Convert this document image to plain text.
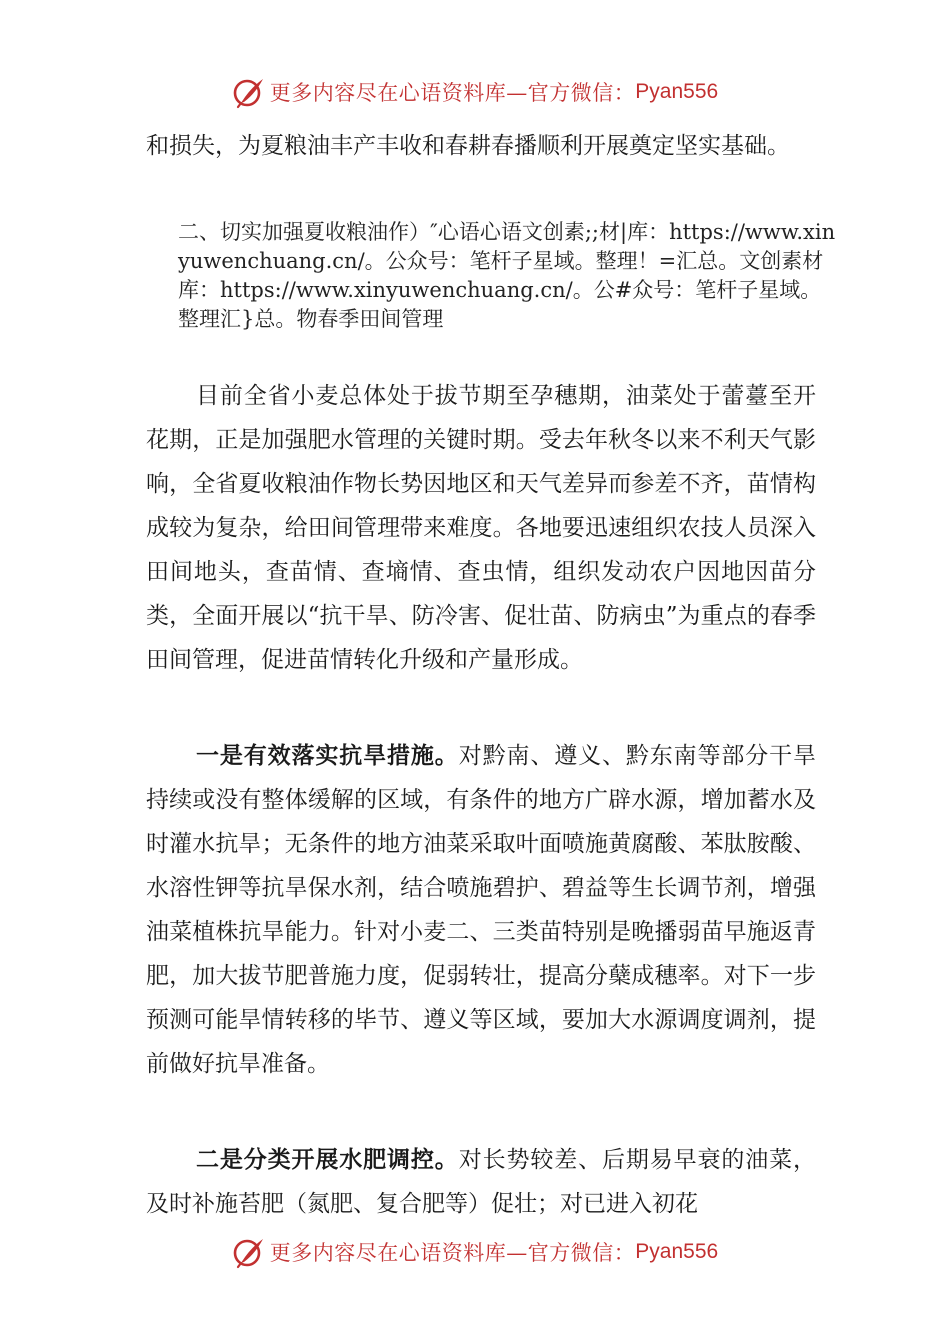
更多内容尽在心语资料库—官方微信： Pyan556

和损失，为夏粮油丰产丰收和春耕春播顺利开展奠定坚实基础。

二、切实加强夏收粮油作）″心语心语文创素;;材|库：https://www.xinyuwenchuang.cn/。公众号：笔杆子星域。整理！=汇总。文创素材库：https://www.xinyuwenchuang.cn/。公#众号：笔杆子星域。整理汇}总。物春季田间管理

目前全省小麦总体处于拔节期至孕穗期，油菜处于蕾薹至开花期，正是加强肥水管理的关键时期。受去年秋冬以来不利天气影响，全省夏收粮油作物长势因地区和天气差异而参差不齐，苗情构成较为复杂，给田间管理带来难度。各地要迅速组织农技人员深入田间地头，查苗情、查墒情、查虫情，组织发动农户因地因苗分类，全面开展以“抗干旱、防冷害、促壮苗、防病虫”为重点的春季田间管理，促进苗情转化升级和产量形成。

一是有效落实抗旱措施。对黔南、遵义、黔东南等部分干旱持续或没有整体缓解的区域，有条件的地方广辟水源，增加蓄水及时灌水抗旱；无条件的地方油菜采取叶面喷施黄腐酸、苯肽胺酸、水溶性钾等抗旱保水剂，结合喷施碧护、碧益等生长调节剂，增强油菜植株抗旱能力。针对小麦二、三类苗特别是晚播弱苗早施返青肥，加大拔节肥普施力度，促弱转壮，提高分蘖成穗率。对下一步预测可能旱情转移的毕节、遵义等区域，要加大水源调度调剂，提前做好抗旱准备。

二是分类开展水肥调控。对长势较差、后期易早衰的油菜，及时补施苔肥（氮肥、复合肥等）促壮；对已进入初花

更多内容尽在心语资料库—官方微信： Pyan556
